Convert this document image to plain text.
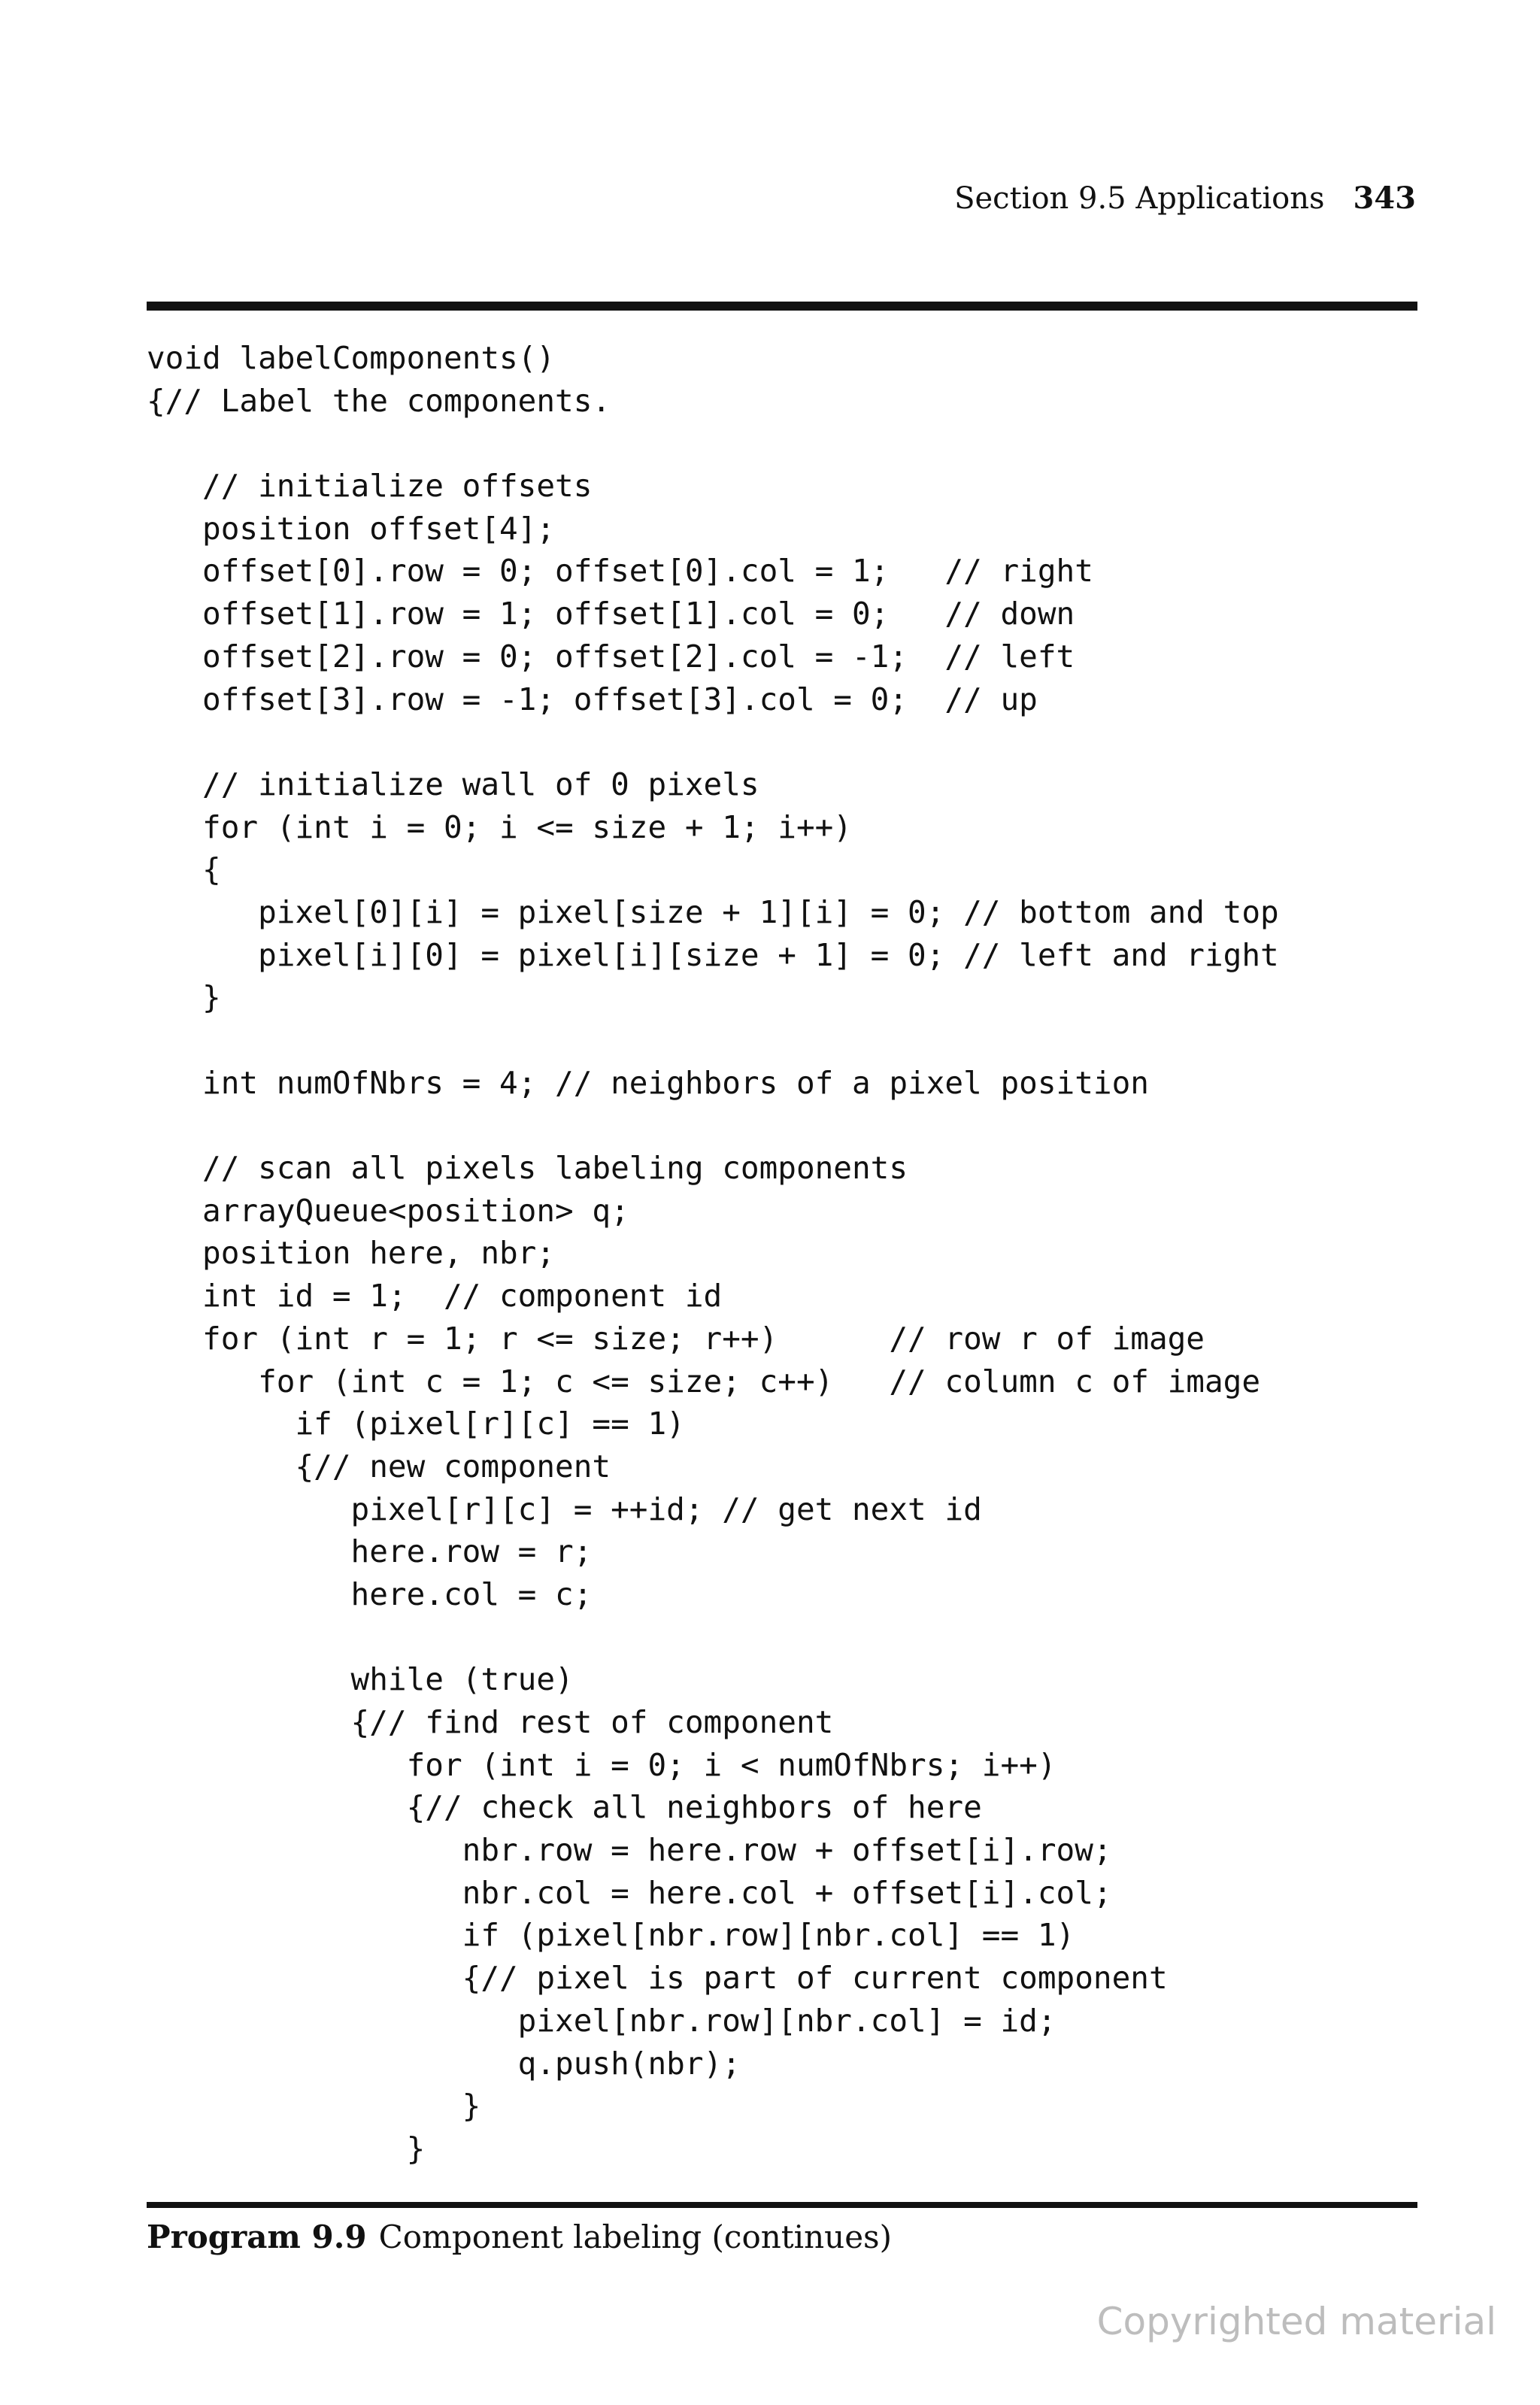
Section 9.5 Applications 343
void labelComponents()
{// Label the components.
// initialize offsets
position offset[4];
offset[0].row = 0; offset[0].col = 1;   // right
offset[1].row = 1; offset[1].col = 0;   // down
offset[2].row = 0; offset[2].col = -1;  // left
offset[3].row = -1; offset[3].col = 0;  // up
// initialize wall of 0 pixels
for (int i = 0; i <= size + 1; i++)
{
pixel[0][i] = pixel[size + 1][i] = 0; // bottom and top
pixel[i][0] = pixel[i][size + 1] = 0; // left and right
}
int numOfNbrs = 4; // neighbors of a pixel position
// scan all pixels labeling components
arrayQueue<position> q;
position here, nbr;
int id = 1;  // component id
for (int r = 1; r <= size; r++)      // row r of image
for (int c = 1; c <= size; c++)   // column c of image
if (pixel[r][c] == 1)
{// new component
pixel[r][c] = ++id; // get next id
here.row = r;
here.col = c;
while (true)
{// find rest of component
for (int i = 0; i < numOfNbrs; i++)
{// check all neighbors of here
nbr.row = here.row + offset[i].row;
nbr.col = here.col + offset[i].col;
if (pixel[nbr.row][nbr.col] == 1)
{// pixel is part of current component
pixel[nbr.row][nbr.col] = id;
q.push(nbr);
}
}
Program 9.9 Component labeling (continues)
Copyrighted material
